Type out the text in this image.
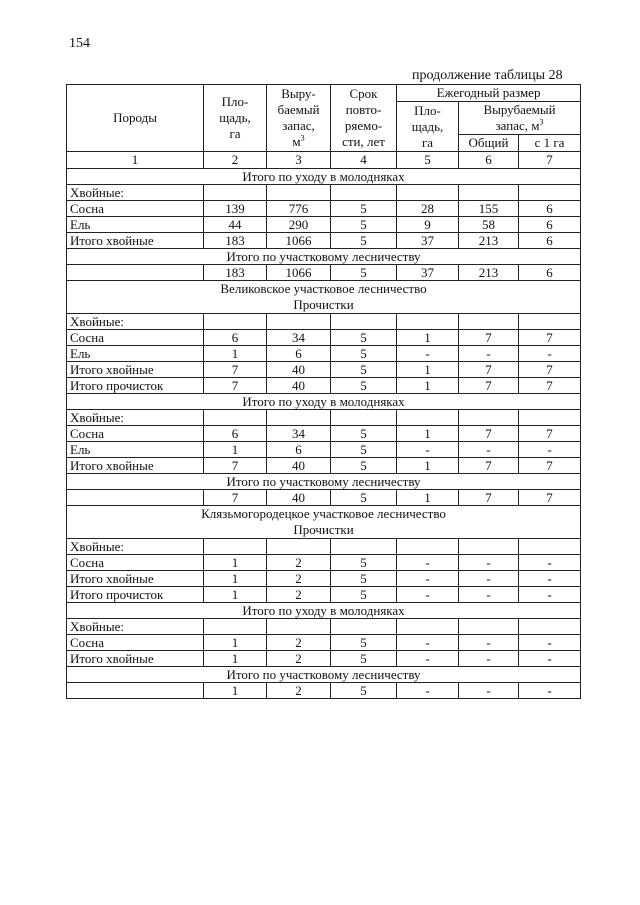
154
продолжение таблицы 28
Породы	Пло-
щадь,
га	Выру-
баемый
запас,
$м^3$	Срок
повто-
ряемо-
сти, лет	Ежегодный размер		
				Пло-
щадь,
га	Вырубаемый
запас, $м^3$
					Общий	с 1 га
1	2	3	4	5	6	7
Итого по уходу в молодняках						
Хвойные:						
Сосна	139	776	5	28	155	6
Ель	44	290	5	9	58	6
Итого хвойные	183	1066	5	37	213	6
Итого по участковому лесничеству						
	183	1066	5	37	213	6
Великовское участковое лесничество
Прочистки						
Хвойные:						
Сосна	6	34	5	1	7	7
Ель	1	6	5	-	-	-
Итого хвойные	7	40	5	1	7	7
Итого прочисток	7	40	5	1	7	7
Итого по уходу в молодняках						
Хвойные:						
Сосна	6	34	5	1	7	7
Ель	1	6	5	-	-	-
Итого хвойные	7	40	5	1	7	7
Итого по участковому лесничеству						
	7	40	5	1	7	7
Клязьмогородецкое участковое лесничество
Прочистки						
Хвойные:						
Сосна	1	2	5	-	-	-
Итого хвойные	1	2	5	-	-	-
Итого прочисток	1	2	5	-	-	-
Итого по уходу в молодняках						
Хвойные:						
Сосна	1	2	5	-	-	-
Итого хвойные	1	2	5	-	-	-
Итого по участковому лесничеству						
	1	2	5	-	-	-
